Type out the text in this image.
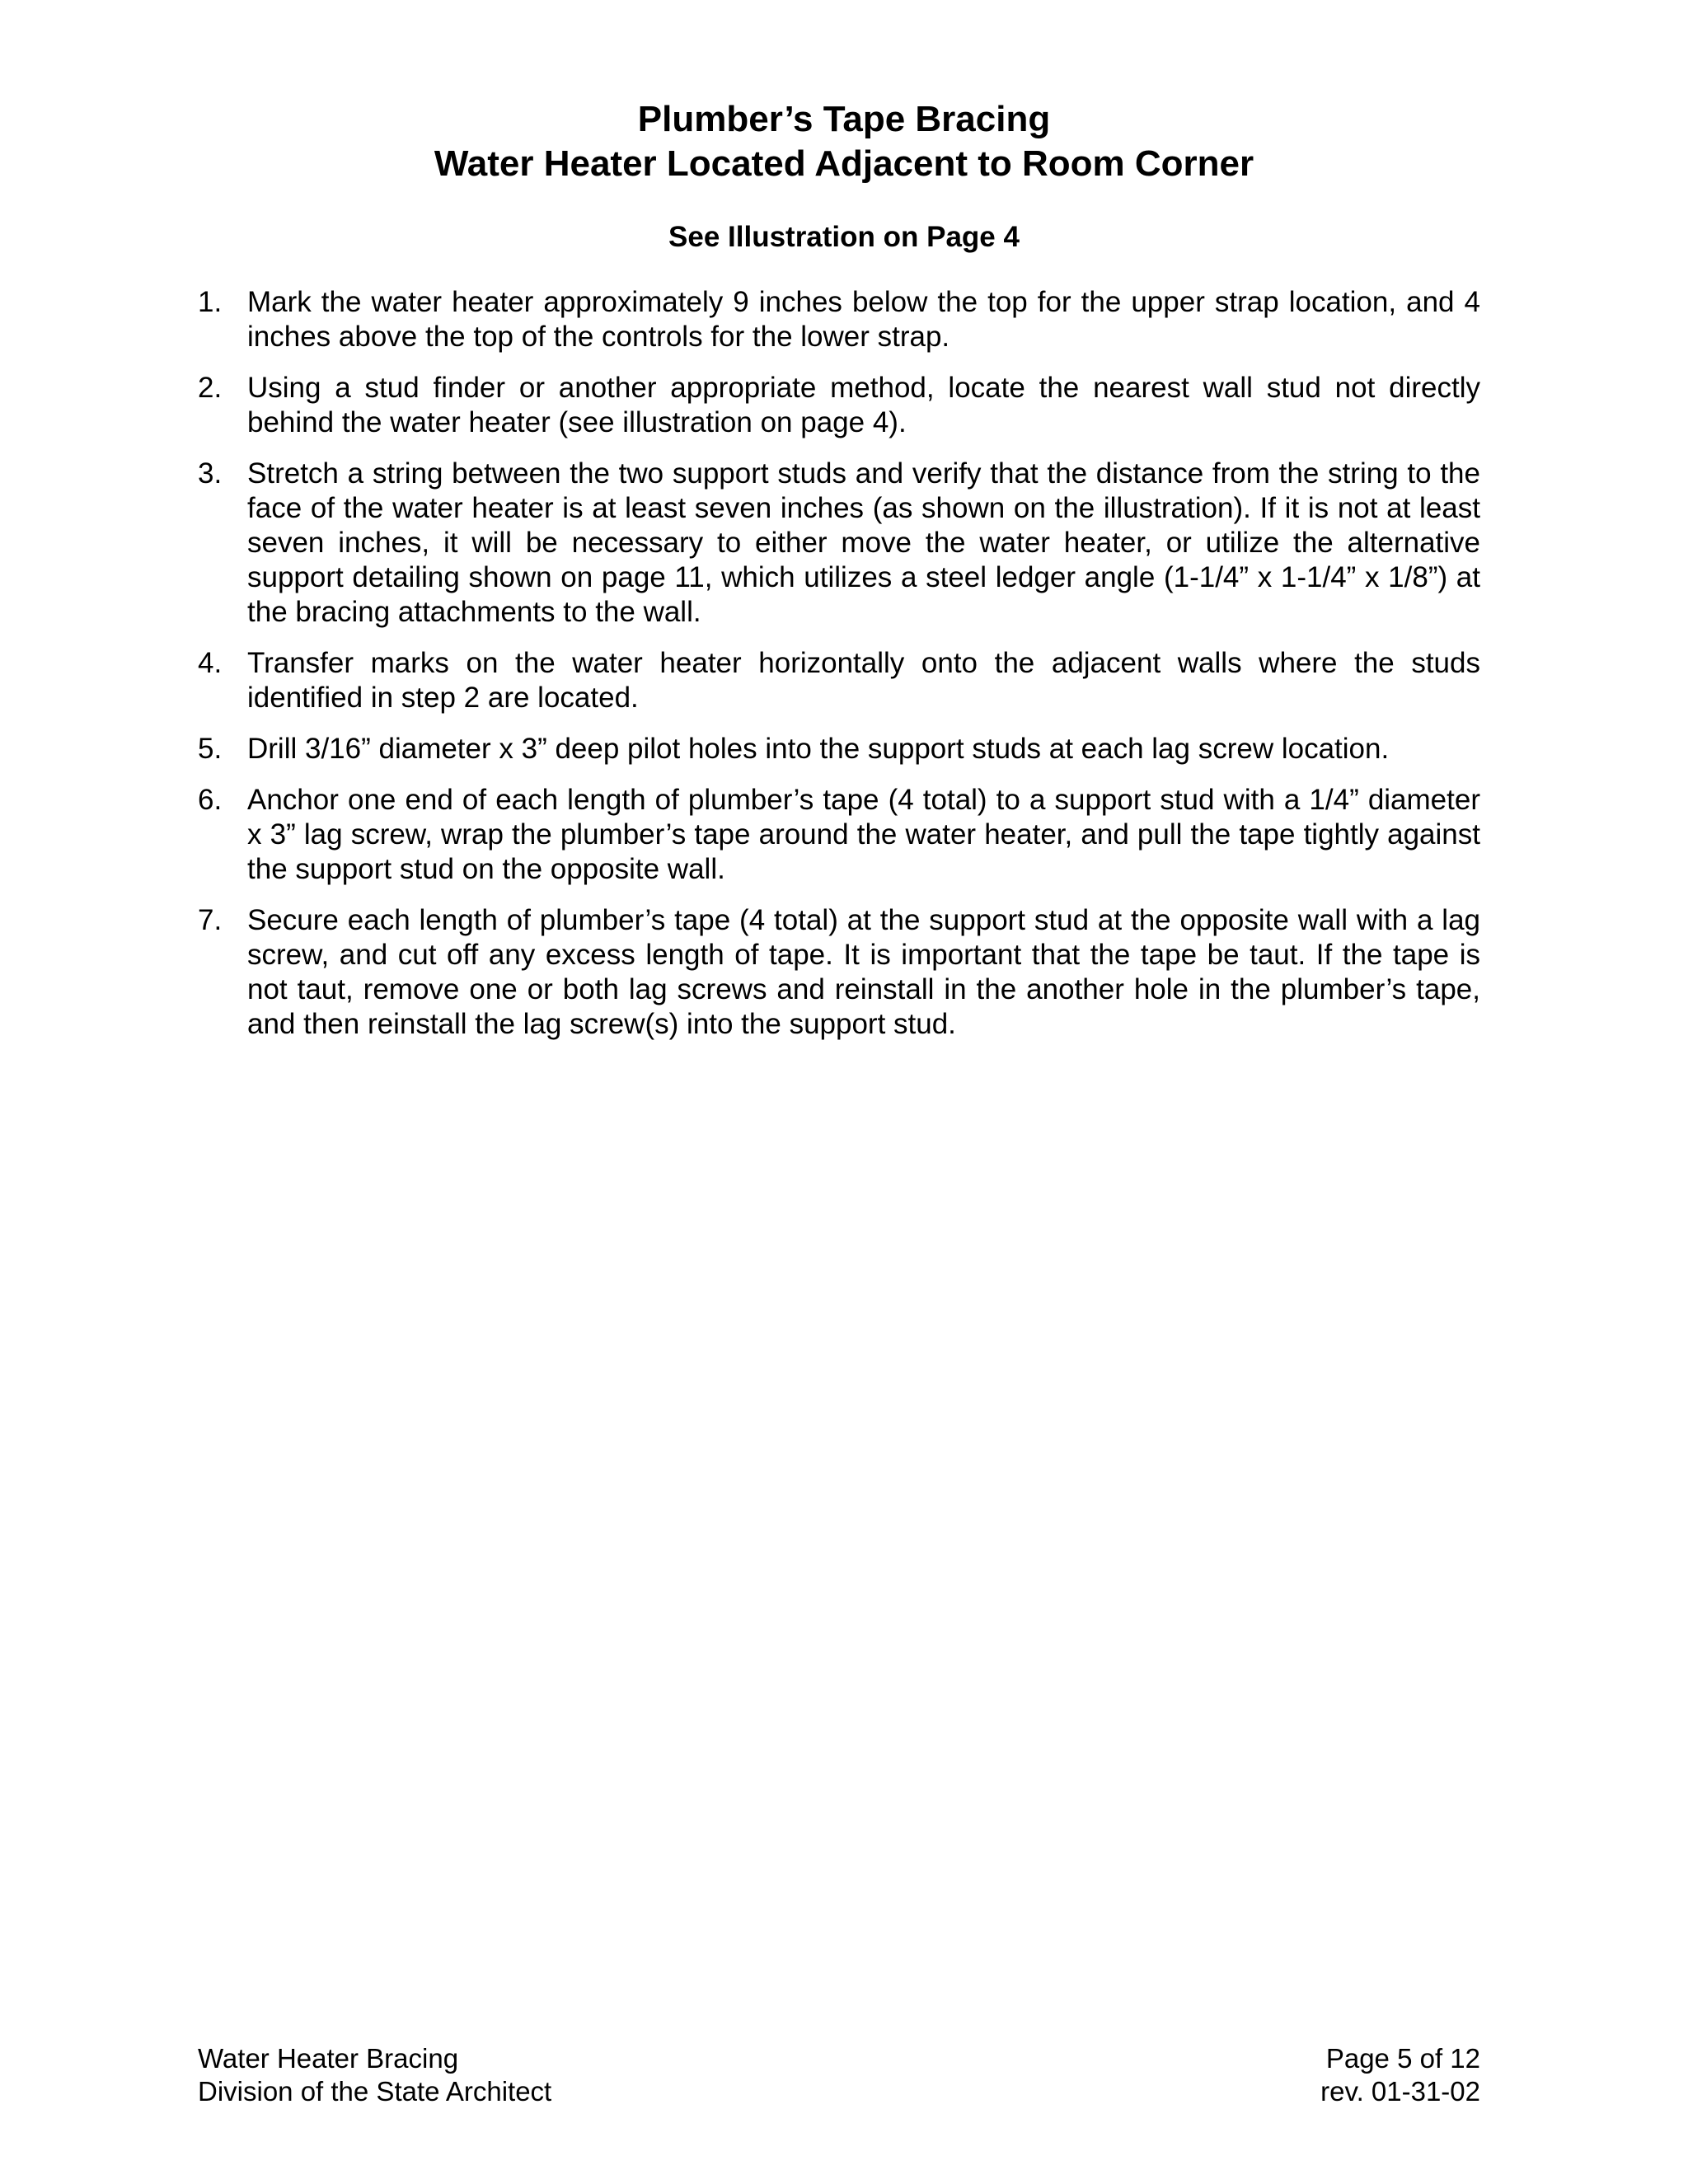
Plumber’s Tape Bracing
Water Heater Located Adjacent to Room Corner
See Illustration on Page 4
1. Mark the water heater approximately 9 inches below the top for the upper strap location, and 4 inches above the top of the controls for the lower strap.
2. Using a stud finder or another appropriate method, locate the nearest wall stud not directly behind the water heater (see illustration on page 4).
3. Stretch a string between the two support studs and verify that the distance from the string to the face of the water heater is at least seven inches (as shown on the illustration). If it is not at least seven inches, it will be necessary to either move the water heater, or utilize the alternative support detailing shown on page 11, which utilizes a steel ledger angle (1-1/4” x 1-1/4” x 1/8”) at the bracing attachments to the wall.
4. Transfer marks on the water heater horizontally onto the adjacent walls where the studs identified in step 2 are located.
5. Drill 3/16” diameter x 3” deep pilot holes into the support studs at each lag screw location.
6. Anchor one end of each length of plumber’s tape (4 total) to a support stud with a 1/4” diameter x 3” lag screw, wrap the plumber’s tape around the water heater, and pull the tape tightly against the support stud on the opposite wall.
7. Secure each length of plumber’s tape (4 total) at the support stud at the opposite wall with a lag screw, and cut off any excess length of tape. It is important that the tape be taut. If the tape is not taut, remove one or both lag screws and reinstall in the another hole in the plumber’s tape, and then reinstall the lag screw(s) into the support stud.
Water Heater Bracing
Division of the State Architect
Page 5 of 12
rev. 01-31-02
